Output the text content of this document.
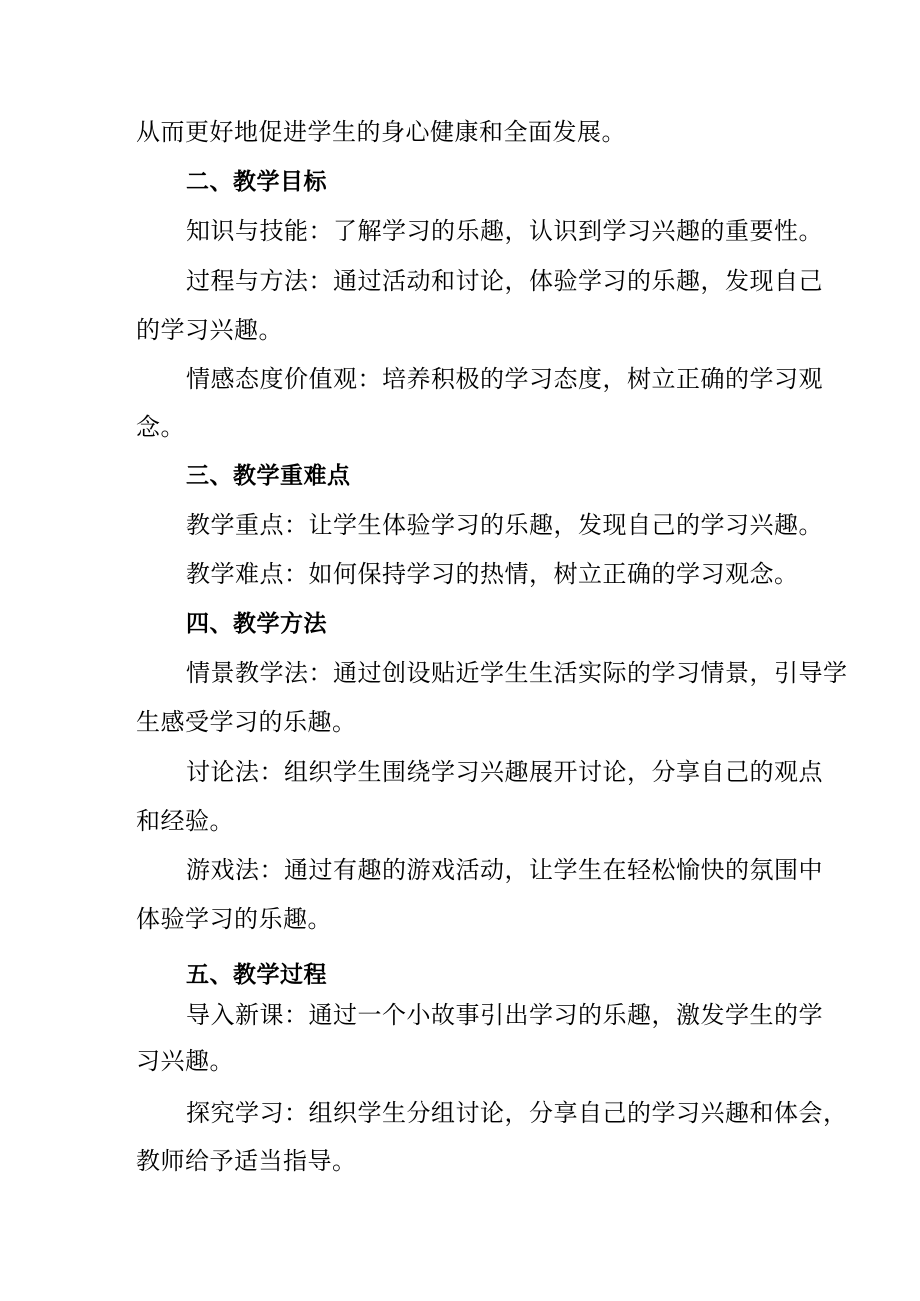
从而更好地促进学生的身心健康和全面发展。
二、教学目标
知识与技能：了解学习的乐趣，认识到学习兴趣的重要性。
过程与方法：通过活动和讨论，体验学习的乐趣，发现自己
的学习兴趣。
情感态度价值观：培养积极的学习态度，树立正确的学习观
念。
三、教学重难点
教学重点：让学生体验学习的乐趣，发现自己的学习兴趣。
教学难点：如何保持学习的热情，树立正确的学习观念。
四、教学方法
情景教学法：通过创设贴近学生生活实际的学习情景，引导学
生感受学习的乐趣。
讨论法：组织学生围绕学习兴趣展开讨论，分享自己的观点
和经验。
游戏法：通过有趣的游戏活动，让学生在轻松愉快的氛围中
体验学习的乐趣。
五、教学过程
导入新课：通过一个小故事引出学习的乐趣，激发学生的学
习兴趣。
探究学习：组织学生分组讨论，分享自己的学习兴趣和体会，
教师给予适当指导。
